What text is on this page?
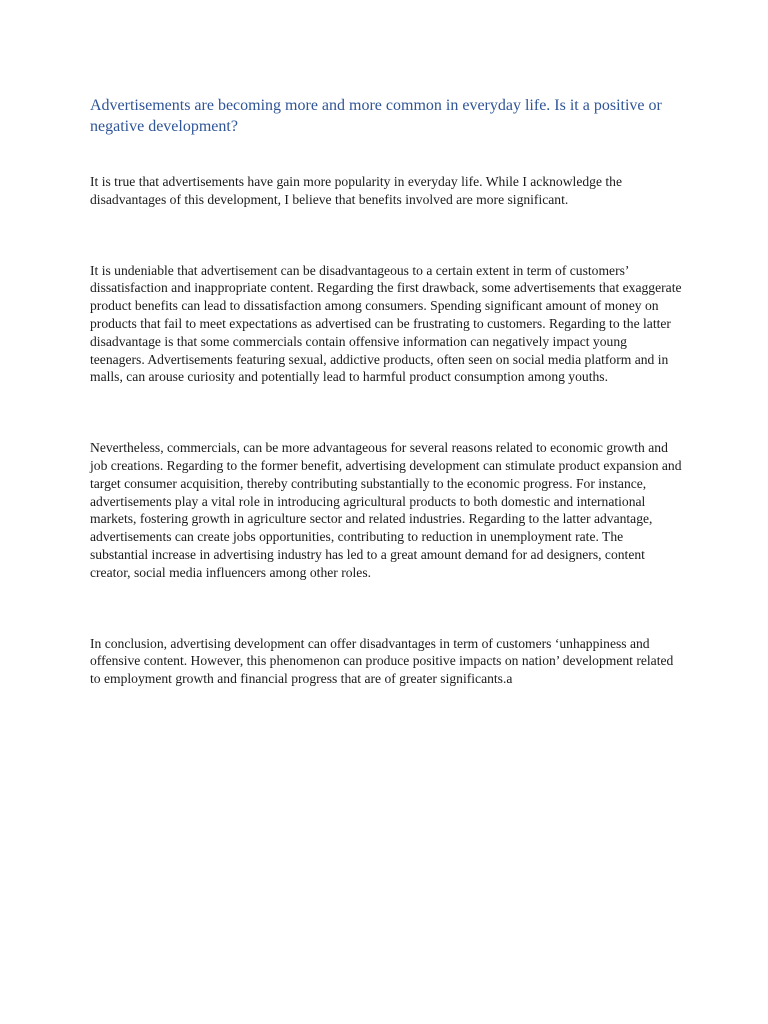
Advertisements are becoming more and more common in everyday life. Is it a positive or negative development?

It is true that advertisements have gain more popularity in everyday life. While I acknowledge the disadvantages of this development, I believe that benefits involved are more significant.

It is undeniable that advertisement can be disadvantageous to a certain extent in term of customers’ dissatisfaction and inappropriate content. Regarding the first drawback, some advertisements that exaggerate product benefits can lead to dissatisfaction among consumers. Spending significant amount of money on products that fail to meet expectations as advertised can be frustrating to customers. Regarding to the latter disadvantage is that some commercials contain offensive information can negatively impact young teenagers. Advertisements featuring sexual, addictive products, often seen on social media platform and in malls, can arouse curiosity and potentially lead to harmful product consumption among youths.

Nevertheless, commercials, can be more advantageous for several reasons related to economic growth and job creations. Regarding to the former benefit, advertising development can stimulate product expansion and target consumer acquisition, thereby contributing substantially to the economic progress. For instance, advertisements play a vital role in introducing agricultural products to both domestic and international markets, fostering growth in agriculture sector and related industries. Regarding to the latter advantage, advertisements can create jobs opportunities, contributing to reduction in unemployment rate. The substantial increase in advertising industry has led to a great amount demand for ad designers, content creator, social media influencers among other roles.

In conclusion, advertising development can offer disadvantages in term of customers ‘unhappiness and offensive content. However, this phenomenon can produce positive impacts on nation’ development related to employment growth and financial progress that are of greater significants.a
